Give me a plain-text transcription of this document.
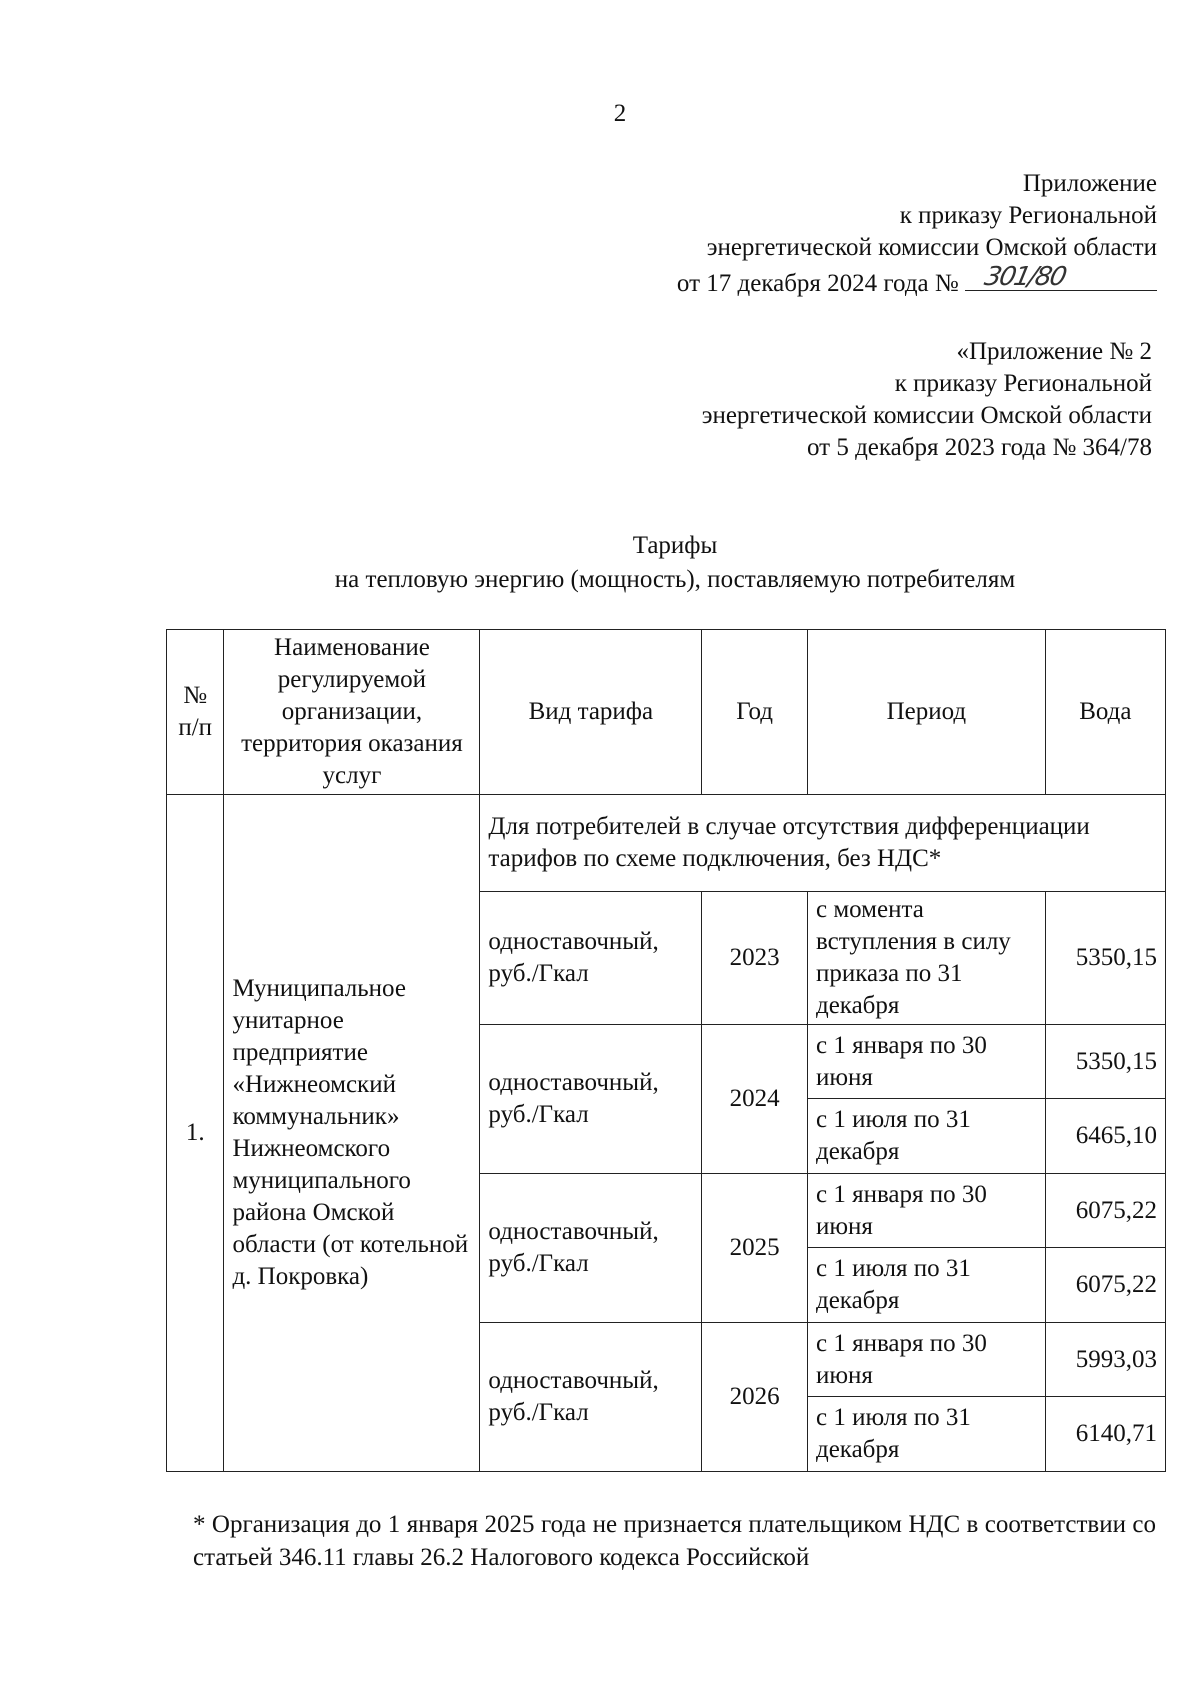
2
Приложение
к приказу Региональной
энергетической комиссии Омской области
от 17 декабря 2024 года № 301/80
«Приложение № 2
к приказу Региональной
энергетической комиссии Омской области
от 5 декабря 2023 года № 364/78
Тарифы
на тепловую энергию (мощность), поставляемую потребителям
№ п/п	Наименование регулируемой организации, территория оказания услуг	Вид тарифа	Год	Период	Вода
1.	Муниципальное унитарное предприятие «Нижнеомский коммунальник» Нижнеомского муниципального района Омской области (от котельной д. Покровка)	Для потребителей в случае отсутствия дифференциации тарифов по схеме подключения, без НДС*			
		одноставочный, руб./Гкал	2023	с момента вступления в силу приказа по 31 декабря	5350,15
		одноставочный, руб./Гкал	2024	с 1 января по 30 июня	5350,15
				с 1 июля по 31 декабря	6465,10
		одноставочный, руб./Гкал	2025	с 1 января по 30 июня	6075,22
				с 1 июля по 31 декабря	6075,22
		одноставочный, руб./Гкал	2026	с 1 января по 30 июня	5993,03
				с 1 июля по 31 декабря	6140,71
* Организация до 1 января 2025 года не признается плательщиком НДС в соответствии со статьей 346.11 главы 26.2 Налогового кодекса Российской
